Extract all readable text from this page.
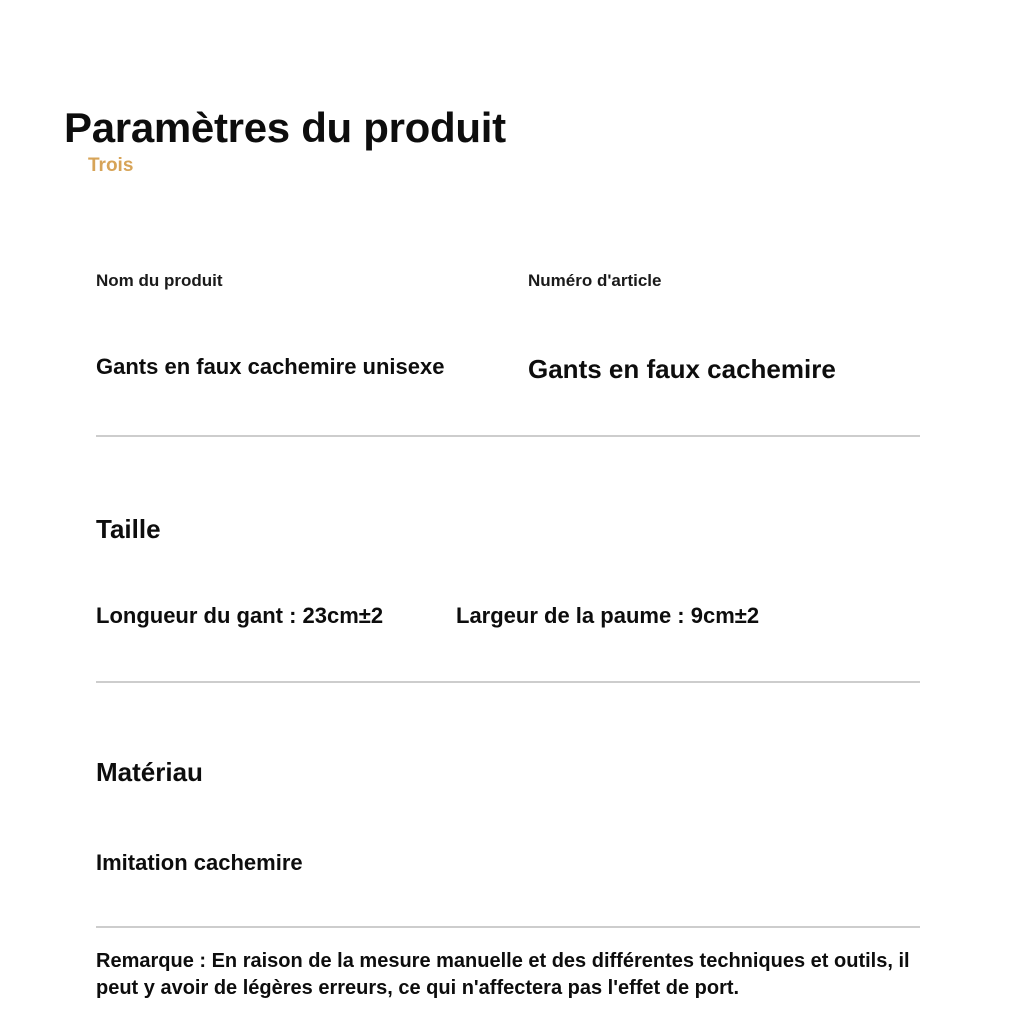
Paramètres du produit
Trois
Nom du produit	Numéro d'article
Gants en faux cachemire unisexe	Gants en faux cachemire
Taille
Longueur du gant : 23cm±2	Largeur de la paume : 9cm±2
Matériau
Imitation cachemire
Remarque : En raison de la mesure manuelle et des différentes techniques et outils, il peut y avoir de légères erreurs, ce qui n'affectera pas l'effet de port.
